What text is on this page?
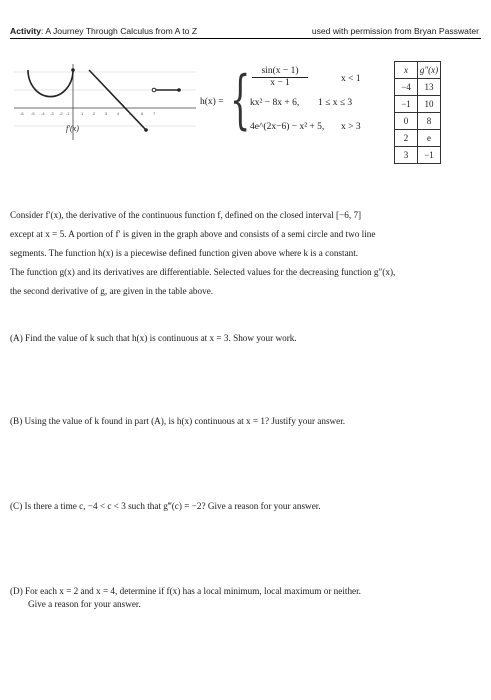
Activity: A Journey Through Calculus from A to Z	used with permission from Bryan Passwater
-6 -5 -4 -3 -2 -1	1 2 3 4 5 6 7
f′(x)
h(x) = { $\frac{\sin(x - 1)}{x - 1}$	x < 1
kx² − 8x + 6, 1 ≤ x ≤ 3
4e^(2x−6) − x² + 5, x > 3
x	g″(x)
−4	13
−1	10
0	8
2	e
3	−1
Consider f′(x), the derivative of the continuous function f, defined on the closed interval [−6, 7]
except at x = 5. A portion of f′ is given in the graph above and consists of a semi circle and two line
segments. The function h(x) is a piecewise defined function given above where k is a constant.
The function g(x) and its derivatives are differentiable. Selected values for the decreasing function g″(x),
the second derivative of g, are given in the table above.
(A) Find the value of k such that h(x) is continuous at x = 3. Show your work.
(B) Using the value of k found in part (A), is h(x) continuous at x = 1? Justify your answer.
(C) Is there a time c, −4 < c < 3 such that g‴(c) = −2? Give a reason for your answer.
(D) For each x = 2 and x = 4, determine if f(x) has a local minimum, local maximum or neither.
Give a reason for your answer.
